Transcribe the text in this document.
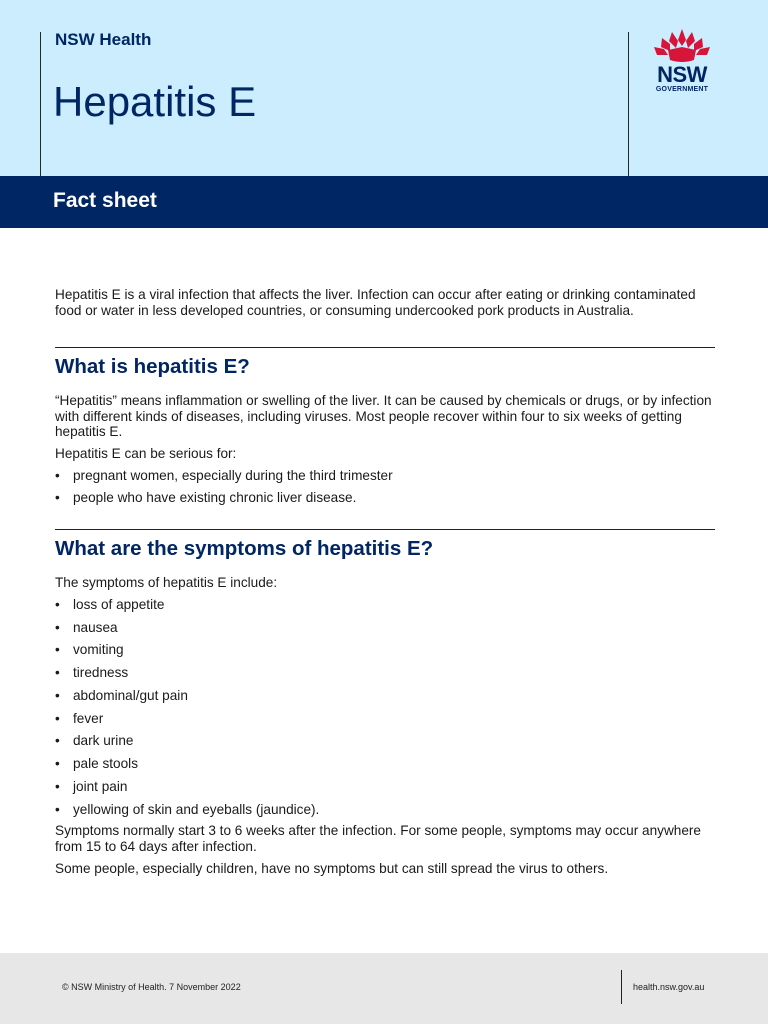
NSW Health
Hepatitis E
NSW
GOVERNMENT
Fact sheet

Hepatitis E is a viral infection that affects the liver. Infection can occur after eating or drinking contaminated food or water in less developed countries, or consuming undercooked pork products in Australia.

What is hepatitis E?

“Hepatitis” means inflammation or swelling of the liver. It can be caused by chemicals or drugs, or by infection with different kinds of diseases, including viruses. Most people recover within four to six weeks of getting hepatitis E.

Hepatitis E can be serious for:

• pregnant women, especially during the third trimester
• people who have existing chronic liver disease.
What are the symptoms of hepatitis E?

The symptoms of hepatitis E include:

• loss of appetite
• nausea
• vomiting
• tiredness
• abdominal/gut pain
• fever
• dark urine
• pale stools
• joint pain
• yellowing of skin and eyeballs (jaundice).

Symptoms normally start 3 to 6 weeks after the infection. For some people, symptoms may occur anywhere from 15 to 64 days after infection.

Some people, especially children, have no symptoms but can still spread the virus to others.

© NSW Ministry of Health. 7 November 2022	health.nsw.gov.au
